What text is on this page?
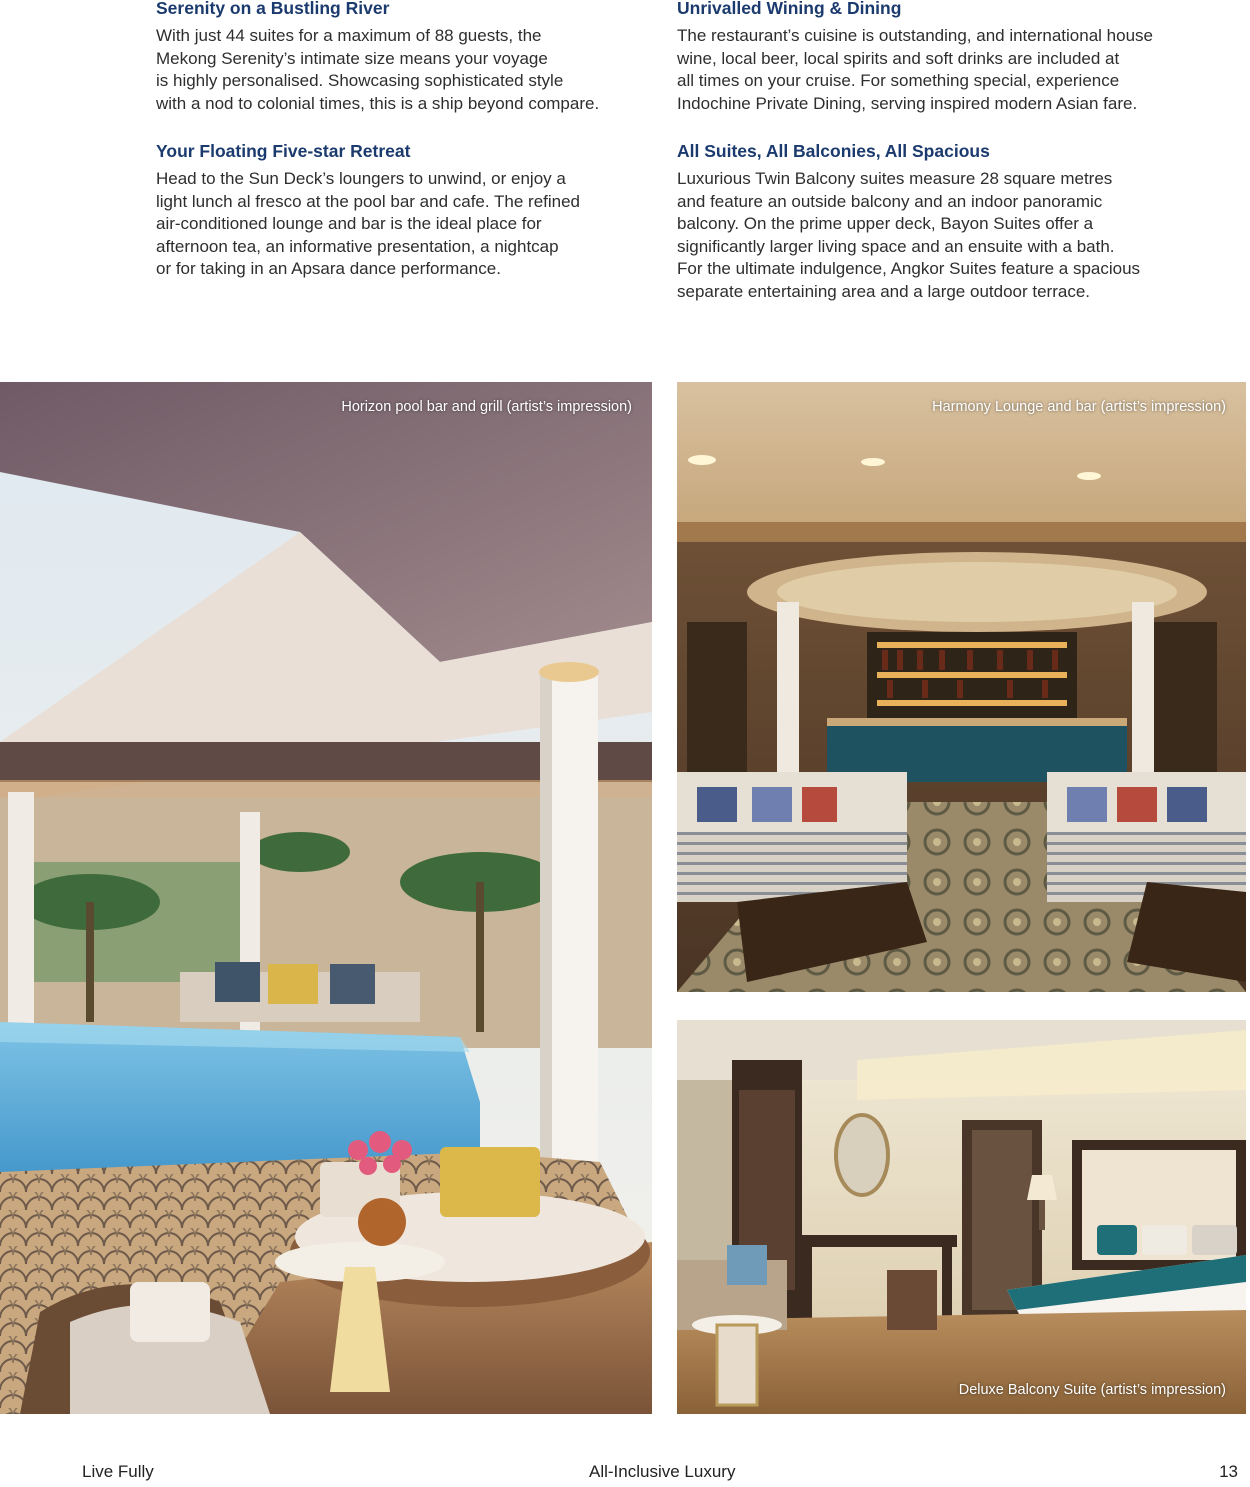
Serenity on a Bustling River

With just 44 suites for a maximum of 88 guests, the
Mekong Serenity’s intimate size means your voyage
is highly personalised. Showcasing sophisticated style
with a nod to colonial times, this is a ship beyond compare.

Unrivalled Wining & Dining

The restaurant’s cuisine is outstanding, and international house
wine, local beer, local spirits and soft drinks are included at
all times on your cruise. For something special, experience
Indochine Private Dining, serving inspired modern Asian fare.

Your Floating Five-star Retreat

Head to the Sun Deck’s loungers to unwind, or enjoy a
light lunch al fresco at the pool bar and cafe. The refined
air-conditioned lounge and bar is the ideal place for
afternoon tea, an informative presentation, a nightcap
or for taking in an Apsara dance performance.

All Suites, All Balconies, All Spacious

Luxurious Twin Balcony suites measure 28 square metres
and feature an outside balcony and an indoor panoramic
balcony. On the prime upper deck, Bayon Suites offer a
significantly larger living space and an ensuite with a bath.
For the ultimate indulgence, Angkor Suites feature a spacious
separate entertaining area and a large outdoor terrace.

Horizon pool bar and grill (artist’s impression)	Harmony Lounge and bar (artist’s impression)
Deluxe Balcony Suite (artist’s impression)
Live Fully	All-Inclusive Luxury	13
